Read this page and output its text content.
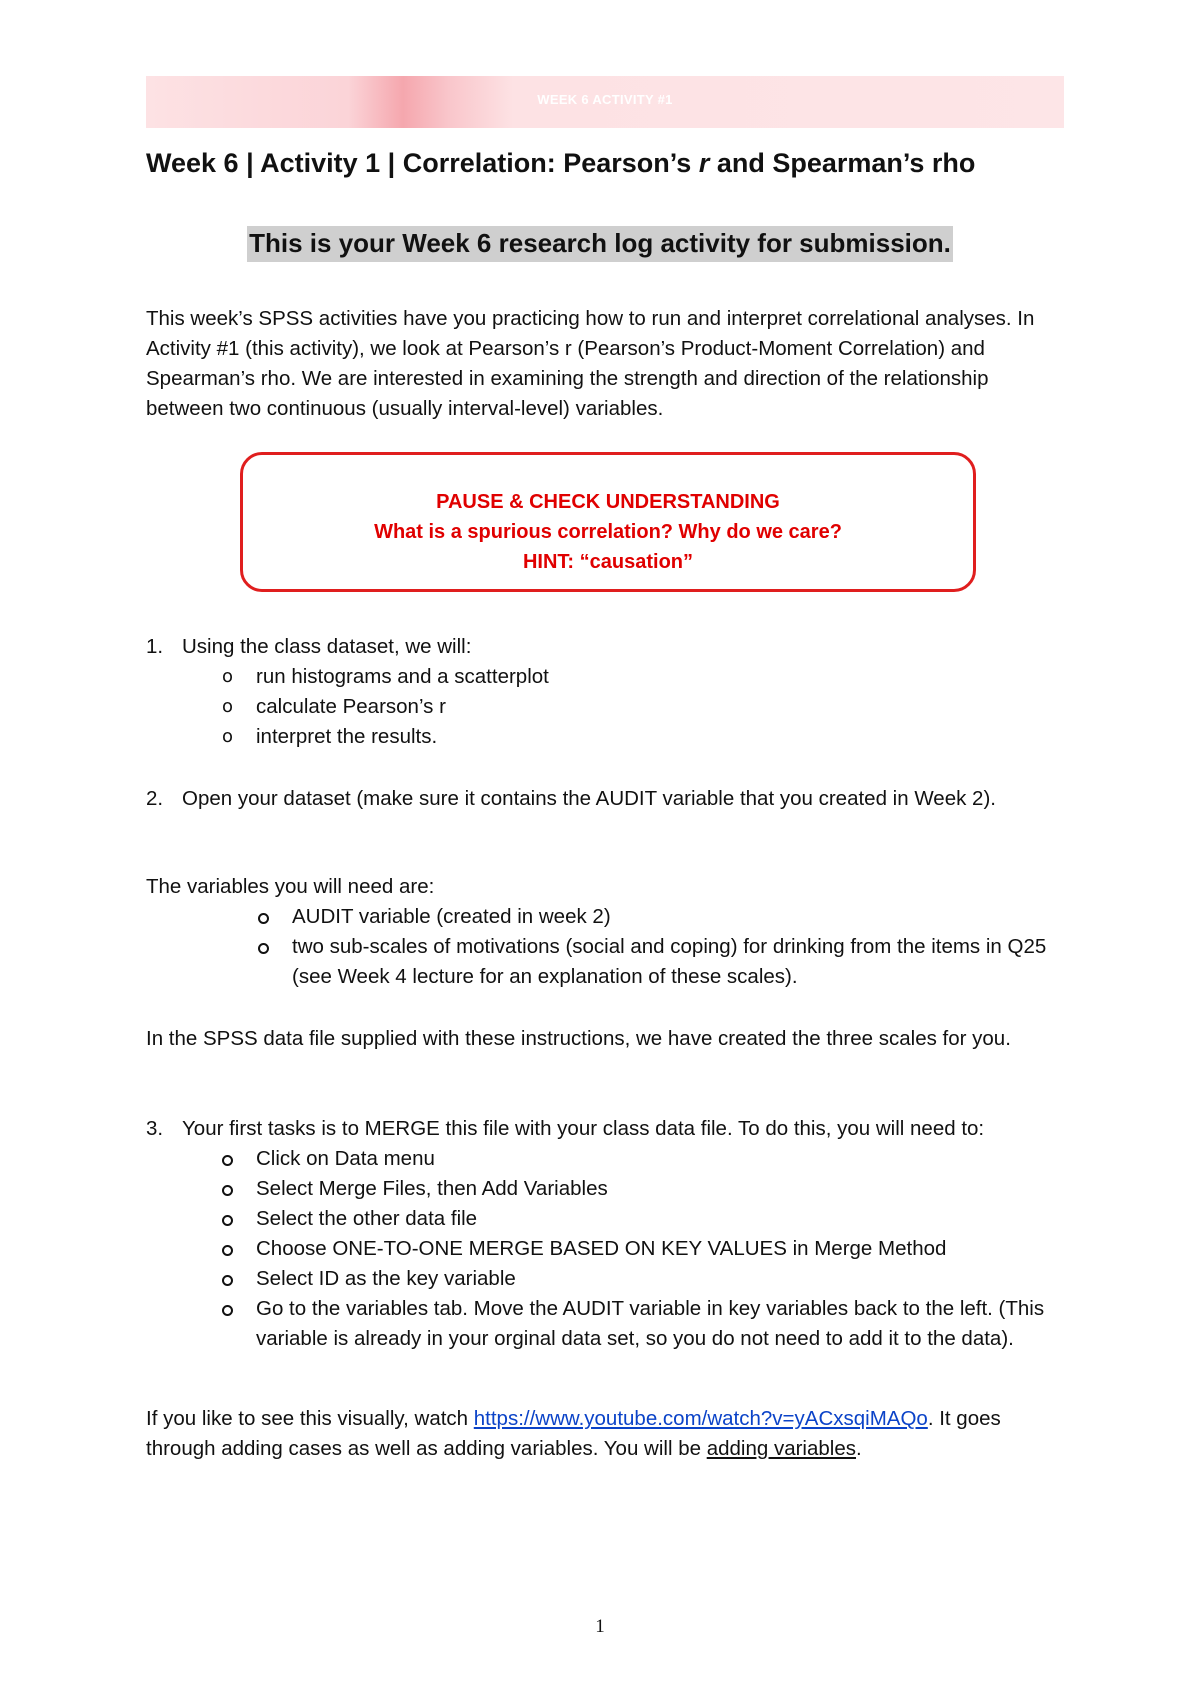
WEEK 6 ACTIVITY #1
Week 6 | Activity 1 | Correlation: Pearson’s r and Spearman’s rho
This is your Week 6 research log activity for submission.
This week’s SPSS activities have you practicing how to run and interpret correlational analyses. In Activity #1 (this activity), we look at Pearson’s r (Pearson’s Product-Moment Correlation) and Spearman’s rho. We are interested in examining the strength and direction of the relationship between two continuous (usually interval-level) variables.
PAUSE & CHECK UNDERSTANDING
What is a spurious correlation? Why do we care?
HINT: “causation”
1. Using the class dataset, we will:
o run histograms and a scatterplot
o calculate Pearson’s r
o interpret the results.
2. Open your dataset (make sure it contains the AUDIT variable that you created in Week 2).
The variables you will need are:
AUDIT variable (created in week 2)
two sub-scales of motivations (social and coping) for drinking from the items in Q25 (see Week 4 lecture for an explanation of these scales).
In the SPSS data file supplied with these instructions, we have created the three scales for you.
3. Your first tasks is to MERGE this file with your class data file. To do this, you will need to:
Click on Data menu
Select Merge Files, then Add Variables
Select the other data file
Choose ONE-TO-ONE MERGE BASED ON KEY VALUES in Merge Method
Select ID as the key variable
Go to the variables tab. Move the AUDIT variable in key variables back to the left. (This variable is already in your orginal data set, so you do not need to add it to the data).
If you like to see this visually, watch https://www.youtube.com/watch?v=yACxsqiMAQo. It goes through adding cases as well as adding variables. You will be adding variables.
1
